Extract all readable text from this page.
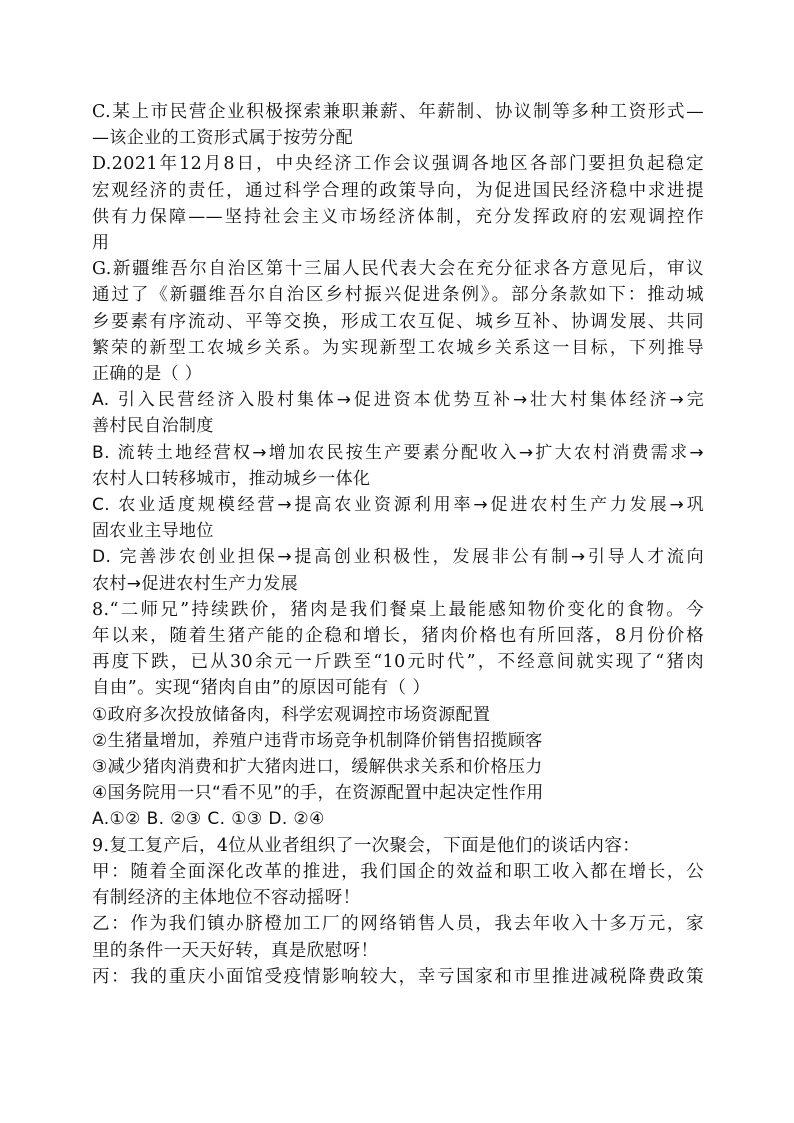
C.某上市民营企业积极探索兼职兼薪、年薪制、协议制等多种工资形式—
—该企业的工资形式属于按劳分配
D.2021年12月8日，中央经济工作会议强调各地区各部门要担负起稳定
宏观经济的责任，通过科学合理的政策导向，为促进国民经济稳中求进提
供有力保障——坚持社会主义市场经济体制，充分发挥政府的宏观调控作
用
G.新疆维吾尔自治区第十三届人民代表大会在充分征求各方意见后，审议
通过了《新疆维吾尔自治区乡村振兴促进条例》。部分条款如下：推动城
乡要素有序流动、平等交换，形成工农互促、城乡互补、协调发展、共同
繁荣的新型工农城乡关系。为实现新型工农城乡关系这一目标，下列推导
正确的是（ ）
A. 引入民营经济入股村集体→促进资本优势互补→壮大村集体经济→完
善村民自治制度
B. 流转土地经营权→增加农民按生产要素分配收入→扩大农村消费需求→
农村人口转移城市，推动城乡一体化
C. 农业适度规模经营→提高农业资源利用率→促进农村生产力发展→巩
固农业主导地位
D. 完善涉农创业担保→提高创业积极性，发展非公有制→引导人才流向
农村→促进农村生产力发展
8.“二师兄”持续跌价，猪肉是我们餐桌上最能感知物价变化的食物。今
年以来，随着生猪产能的企稳和增长，猪肉价格也有所回落，8月份价格
再度下跌，已从30余元一斤跌至“10元时代”，不经意间就实现了“猪肉
自由”。实现“猪肉自由”的原因可能有（ ）
①政府多次投放储备肉，科学宏观调控市场资源配置
②生猪量增加，养殖户违背市场竞争机制降价销售招揽顾客
③减少猪肉消费和扩大猪肉进口，缓解供求关系和价格压力
④国务院用一只“看不见”的手，在资源配置中起决定性作用
A.①② B. ②③ C. ①③ D. ②④
9.复工复产后，4位从业者组织了一次聚会，下面是他们的谈话内容：
甲：随着全面深化改革的推进，我们国企的效益和职工收入都在增长，公
有制经济的主体地位不容动摇呀！
乙：作为我们镇办脐橙加工厂的网络销售人员，我去年收入十多万元，家
里的条件一天天好转，真是欣慰呀！
丙：我的重庆小面馆受疫情影响较大，幸亏国家和市里推进减税降费政策
